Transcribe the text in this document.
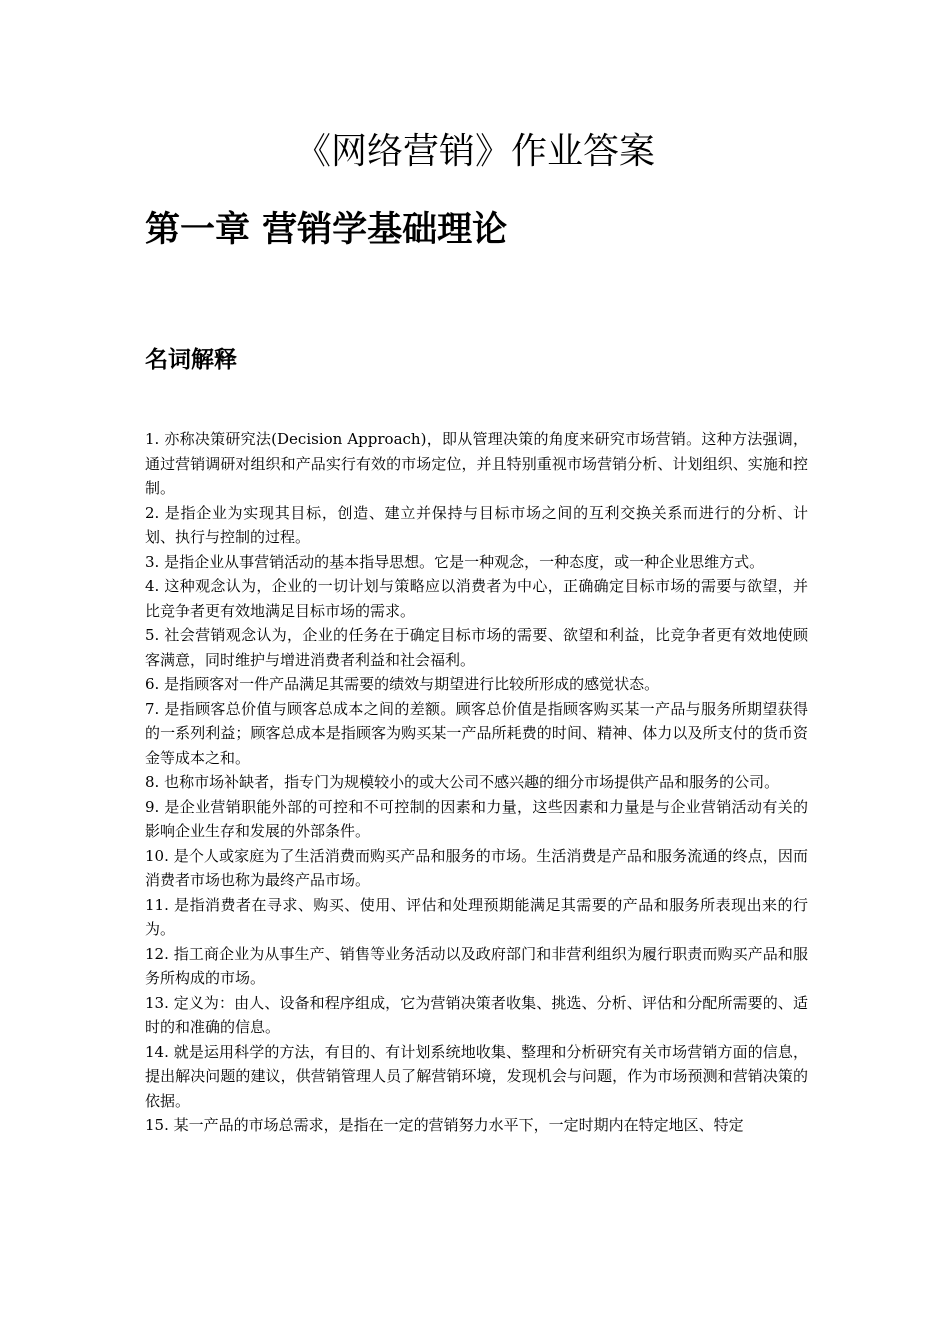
《网络营销》作业答案
第一章 营销学基础理论
名词解释
1. 亦称决策研究法(Decision Approach)，即从管理决策的角度来研究市场营销。这种方法强调，通过营销调研对组织和产品实行有效的市场定位，并且特别重视市场营销分析、计划组织、实施和控制。
2. 是指企业为实现其目标，创造、建立并保持与目标市场之间的互利交换关系而进行的分析、计划、执行与控制的过程。
3. 是指企业从事营销活动的基本指导思想。它是一种观念，一种态度，或一种企业思维方式。
4. 这种观念认为，企业的一切计划与策略应以消费者为中心，正确确定目标市场的需要与欲望，并比竞争者更有效地满足目标市场的需求。
5. 社会营销观念认为，企业的任务在于确定目标市场的需要、欲望和利益，比竞争者更有效地使顾客满意，同时维护与增进消费者利益和社会福利。
6. 是指顾客对一件产品满足其需要的绩效与期望进行比较所形成的感觉状态。
7. 是指顾客总价值与顾客总成本之间的差额。顾客总价值是指顾客购买某一产品与服务所期望获得的一系列利益；顾客总成本是指顾客为购买某一产品所耗费的时间、精神、体力以及所支付的货币资金等成本之和。
8. 也称市场补缺者，指专门为规模较小的或大公司不感兴趣的细分市场提供产品和服务的公司。
9. 是企业营销职能外部的可控和不可控制的因素和力量，这些因素和力量是与企业营销活动有关的影响企业生存和发展的外部条件。
10. 是个人或家庭为了生活消费而购买产品和服务的市场。生活消费是产品和服务流通的终点，因而消费者市场也称为最终产品市场。
11. 是指消费者在寻求、购买、使用、评估和处理预期能满足其需要的产品和服务所表现出来的行为。
12. 指工商企业为从事生产、销售等业务活动以及政府部门和非营利组织为履行职责而购买产品和服务所构成的市场。
13. 定义为：由人、设备和程序组成，它为营销决策者收集、挑选、分析、评估和分配所需要的、适时的和准确的信息。
14. 就是运用科学的方法，有目的、有计划系统地收集、整理和分析研究有关市场营销方面的信息，提出解决问题的建议，供营销管理人员了解营销环境，发现机会与问题，作为市场预测和营销决策的依据。
15. 某一产品的市场总需求，是指在一定的营销努力水平下，一定时期内在特定地区、特定
